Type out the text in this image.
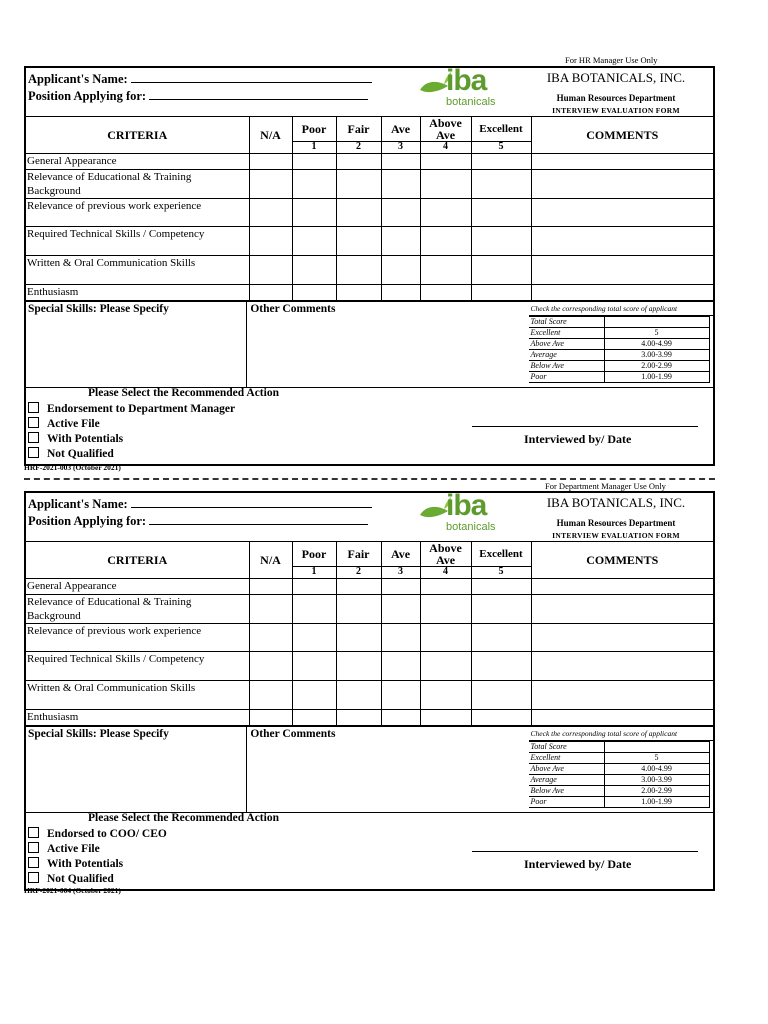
For HR Manager Use Only
Applicant's Name:
Position Applying for:	iba
botanicals
IBA BOTANICALS, INC.
Human Resources Department
INTERVIEW EVALUATION FORM
CRITERIA	N/A	Poor	Fair	Ave	Above Ave	Excellent	COMMENTS
		1	2	3	4	5	
General Appearance							
Relevance of Educational & Training Background							
Relevance of previous work experience							
Required Technical Skills / Competency							
Written & Oral Communication Skills							
Enthusiasm							
Special Skills: Please Specify	Other Comments	Check the corresponding total score of applicant
Total Score	
Excellent	5
Above Ave	4.00-4.99
Average	3.00-3.99
Below Ave	2.00-2.99
Poor	1.00-1.99
Please Select the Recommended Action
Endorsement to Department Manager
Active File
With Potentials
Not Qualified
Interviewed by/ Date
HRF-2021-003 (October 2021)
For Department Manager Use Only
Applicant's Name:
Position Applying for:	iba
botanicals
IBA BOTANICALS, INC.
Human Resources Department
INTERVIEW EVALUATION FORM
CRITERIA	N/A	Poor	Fair	Ave	Above Ave	Excellent	COMMENTS
		1	2	3	4	5	
General Appearance							
Relevance of Educational & Training Background							
Relevance of previous work experience							
Required Technical Skills / Competency							
Written & Oral Communication Skills							
Enthusiasm							
Special Skills: Please Specify	Other Comments	Check the corresponding total score of applicant
Total Score	
Excellent	5
Above Ave	4.00-4.99
Average	3.00-3.99
Below Ave	2.00-2.99
Poor	1.00-1.99
Please Select the Recommended Action
Endorsed to COO/ CEO
Active File
With Potentials
Not Qualified
Interviewed by/ Date
HRF-2021-004 (October 2021)
